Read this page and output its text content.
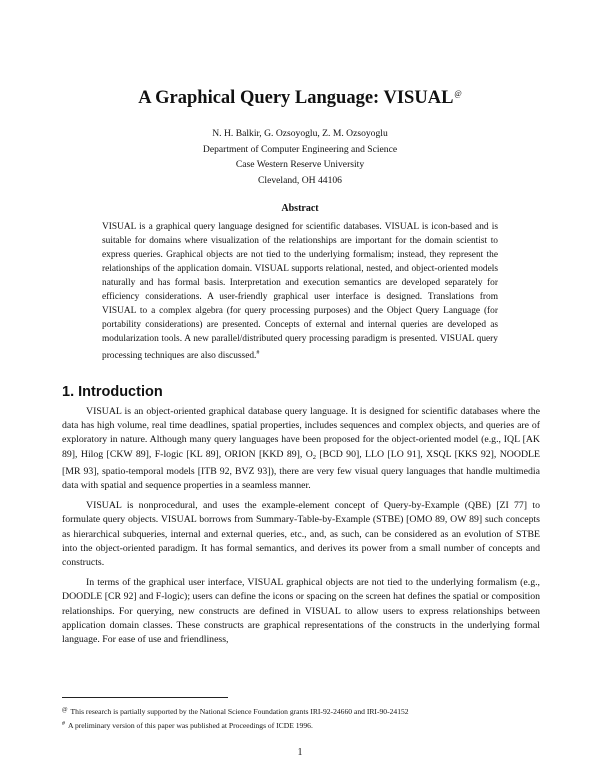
A Graphical Query Language: VISUAL@
N. H. Balkir, G. Ozsoyoglu, Z. M. Ozsoyoglu
Department of Computer Engineering and Science
Case Western Reserve University
Cleveland, OH 44106
Abstract
VISUAL is a graphical query language designed for scientific databases. VISUAL is icon-based and is suitable for domains where visualization of the relationships are important for the domain scientist to express queries. Graphical objects are not tied to the underlying formalism; instead, they represent the relationships of the application domain. VISUAL supports relational, nested, and object-oriented models naturally and has formal basis. Interpretation and execution semantics are developed separately for efficiency considerations. A user-friendly graphical user interface is designed. Translations from VISUAL to a complex algebra (for query processing purposes) and the Object Query Language (for portability considerations) are presented. Concepts of external and internal queries are developed as modularization tools. A new parallel/distributed query processing paradigm is presented. VISUAL query processing techniques are also discussed.#
1. Introduction

VISUAL is an object-oriented graphical database query language. It is designed for scientific databases where the data has high volume, real time deadlines, spatial properties, includes sequences and complex objects, and queries are of exploratory in nature. Although many query languages have been proposed for the object-oriented model (e.g., IQL [AK 89], Hilog [CKW 89], F-logic [KL 89], ORION [KKD 89], $O_2$ [BCD 90], LLO [LO 91], XSQL [KKS 92], NOODLE [MR 93], spatio-temporal models [ITB 92, BVZ 93]), there are very few visual query languages that handle multimedia data with spatial and sequence properties in a seamless manner.

VISUAL is nonprocedural, and uses the example-element concept of Query-by-Example (QBE) [ZI 77] to formulate query objects. VISUAL borrows from Summary-Table-by-Example (STBE) [OMO 89, OW 89] such concepts as hierarchical subqueries, internal and external queries, etc., and, as such, can be considered as an evolution of STBE into the object-oriented paradigm. It has formal semantics, and derives its power from a small number of concepts and constructs.

In terms of the graphical user interface, VISUAL graphical objects are not tied to the underlying formalism (e.g., DOODLE [CR 92] and F-logic); users can define the icons or spacing on the screen hat defines the spatial or composition relationships. For querying, new constructs are defined in VISUAL to allow users to express relationships between application domain classes. These constructs are graphical representations of the constructs in the underlying formal language. For ease of use and friendliness,

@ This research is partially supported by the National Science Foundation grants IRI-92-24660 and IRI-90-24152
# A preliminary version of this paper was published at Proceedings of ICDE 1996.
1
